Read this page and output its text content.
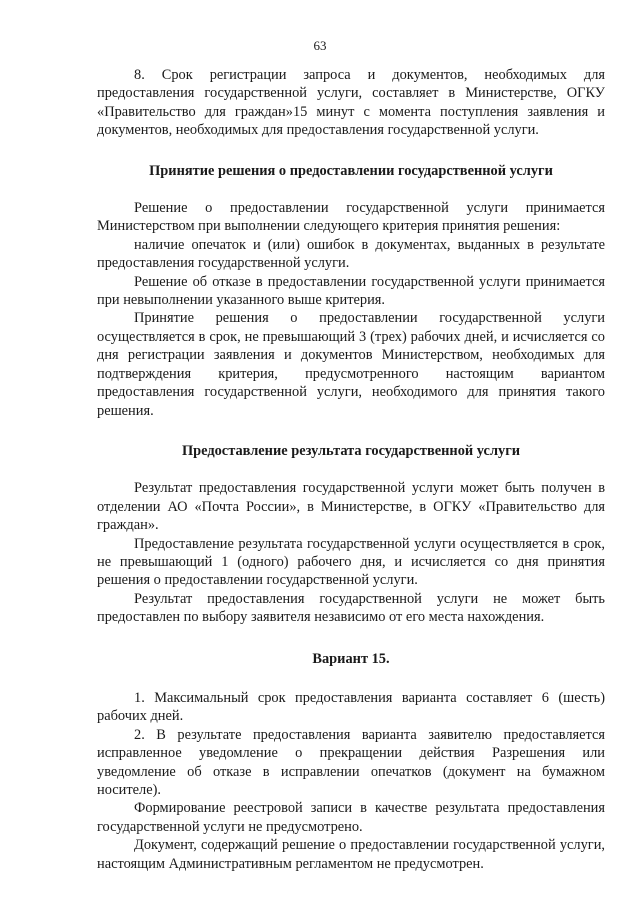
63

8. Срок регистрации запроса и документов, необходимых для предоставления государственной услуги, составляет в Министерстве, ОГКУ «Правительство для граждан»15 минут с момента поступления заявления и документов, необходимых для предоставления государственной услуги.

Принятие решения о предоставлении государственной услуги

Решение о предоставлении государственной услуги принимается Министерством при выполнении следующего критерия принятия решения:

наличие опечаток и (или) ошибок в документах, выданных в результате предоставления государственной услуги.

Решение об отказе в предоставлении государственной услуги принимается при невыполнении указанного выше критерия.

Принятие решения о предоставлении государственной услуги осуществляется в срок, не превышающий 3 (трех) рабочих дней, и исчисляется со дня регистрации заявления и документов Министерством, необходимых для подтверждения критерия, предусмотренного настоящим вариантом предоставления государственной услуги, необходимого для принятия такого решения.

Предоставление результата государственной услуги

Результат предоставления государственной услуги может быть получен в отделении АО «Почта России», в Министерстве, в ОГКУ «Правительство для граждан».

Предоставление результата государственной услуги осуществляется в срок, не превышающий 1 (одного) рабочего дня, и исчисляется со дня принятия решения о предоставлении государственной услуги.

Результат предоставления государственной услуги не может быть предоставлен по выбору заявителя независимо от его места нахождения.

Вариант 15.

1. Максимальный срок предоставления варианта составляет 6 (шесть) рабочих дней.

2. В результате предоставления варианта заявителю предоставляется исправленное уведомление о прекращении действия Разрешения или уведомление об отказе в исправлении опечатков (документ на бумажном носителе).

Формирование реестровой записи в качестве результата предоставления государственной услуги не предусмотрено.

Документ, содержащий решение о предоставлении государственной услуги, настоящим Административным регламентом не предусмотрен.
